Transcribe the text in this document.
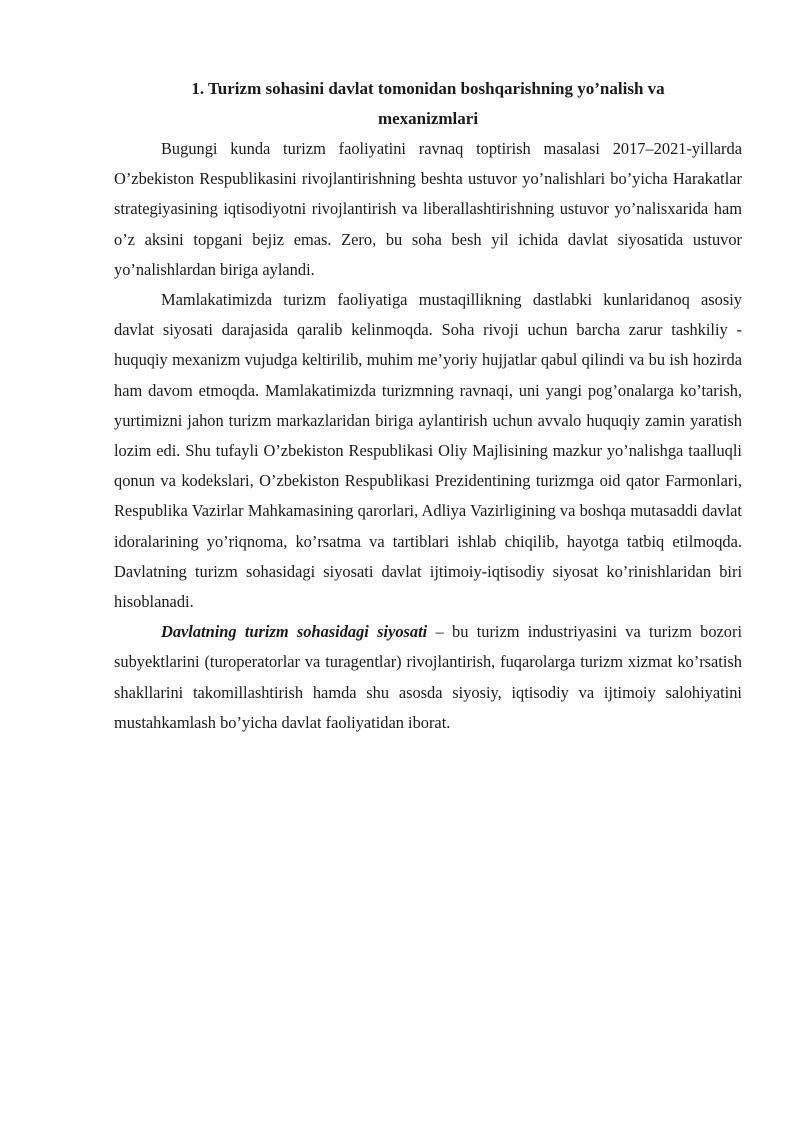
1. Turizm sohasini davlat tomonidan boshqarishning yo’nalish va
mexanizmlari

Bugungi kunda turizm faoliyatini ravnaq toptirish masalasi 2017–2021-yillarda O’zbekiston Respublikasini rivojlantirishning beshta ustuvor yo’nalishlari bo’yicha Harakatlar strategiyasining iqtisodiyotni rivojlantirish va liberallashtirishning ustuvor yo’nalisxarida ham o’z aksini topgani bejiz emas. Zero, bu soha besh yil ichida davlat siyosatida ustuvor yo’nalishlardan biriga aylandi.

Mamlakatimizda turizm faoliyatiga mustaqillikning dastlabki kunlaridanoq asosiy davlat siyosati darajasida qaralib kelinmoqda. Soha rivoji uchun barcha zarur tashkiliy - huquqiy mexanizm vujudga keltirilib, muhim me’yoriy hujjatlar qabul qilindi va bu ish hozirda ham davom etmoqda. Mamlakatimizda turizmning ravnaqi, uni yangi pog’onalarga ko’tarish, yurtimizni jahon turizm markazlaridan biriga aylantirish uchun avvalo huquqiy zamin yaratish lozim edi. Shu tufayli O’zbekiston Respublikasi Oliy Majlisining mazkur yo’nalishga taalluqli qonun va kodekslari, O’zbekiston Respublikasi Prezidentining turizmga oid qator Farmonlari, Respublika Vazirlar Mahkamasining qarorlari, Adliya Vazirligining va boshqa mutasaddi davlat idoralarining yo’riqnoma, ko’rsatma va tartiblari ishlab chiqilib, hayotga tatbiq etilmoqda. Davlatning turizm sohasidagi siyosati davlat ijtimoiy-iqtisodiy siyosat ko’rinishlaridan biri hisoblanadi.

Davlatning turizm sohasidagi siyosati – bu turizm industriyasini va turizm bozori subyektlarini (turoperatorlar va turagentlar) rivojlantirish, fuqarolarga turizm xizmat ko’rsatish shakllarini takomillashtirish hamda shu asosda siyosiy, iqtisodiy va ijtimoiy salohiyatini mustahkamlash bo’yicha davlat faoliyatidan iborat.
